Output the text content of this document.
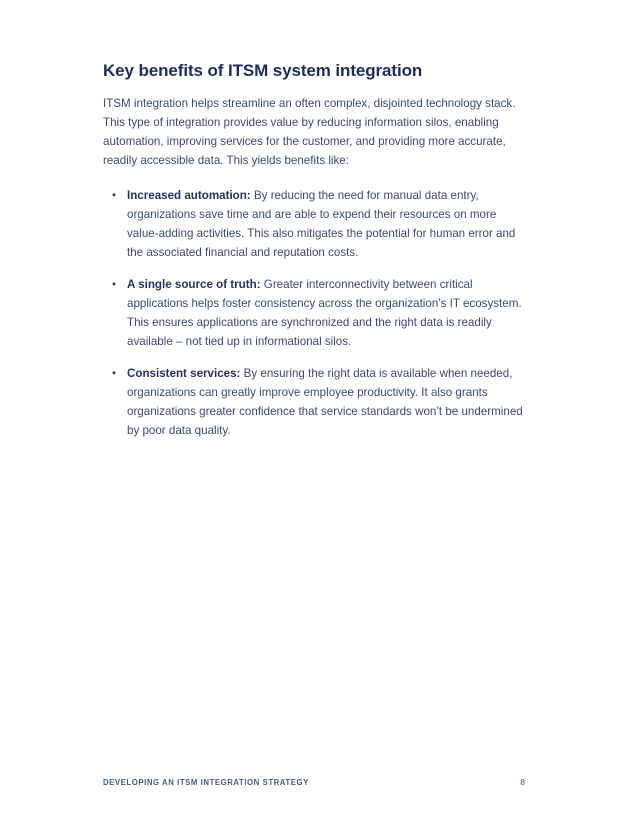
Key benefits of ITSM system integration

ITSM integration helps streamline an often complex, disjointed technology stack. This type of integration provides value by reducing information silos, enabling automation, improving services for the customer, and providing more accurate, readily accessible data. This yields benefits like:

• Increased automation: By reducing the need for manual data entry, organizations save time and are able to expend their resources on more value-adding activities. This also mitigates the potential for human error and the associated financial and reputation costs.
• A single source of truth: Greater interconnectivity between critical applications helps foster consistency across the organization’s IT ecosystem. This ensures applications are synchronized and the right data is readily available – not tied up in informational silos.
• Consistent services: By ensuring the right data is available when needed, organizations can greatly improve employee productivity. It also grants organizations greater confidence that service standards won’t be undermined by poor data quality.
DEVELOPING AN ITSM INTEGRATION STRATEGY	8
